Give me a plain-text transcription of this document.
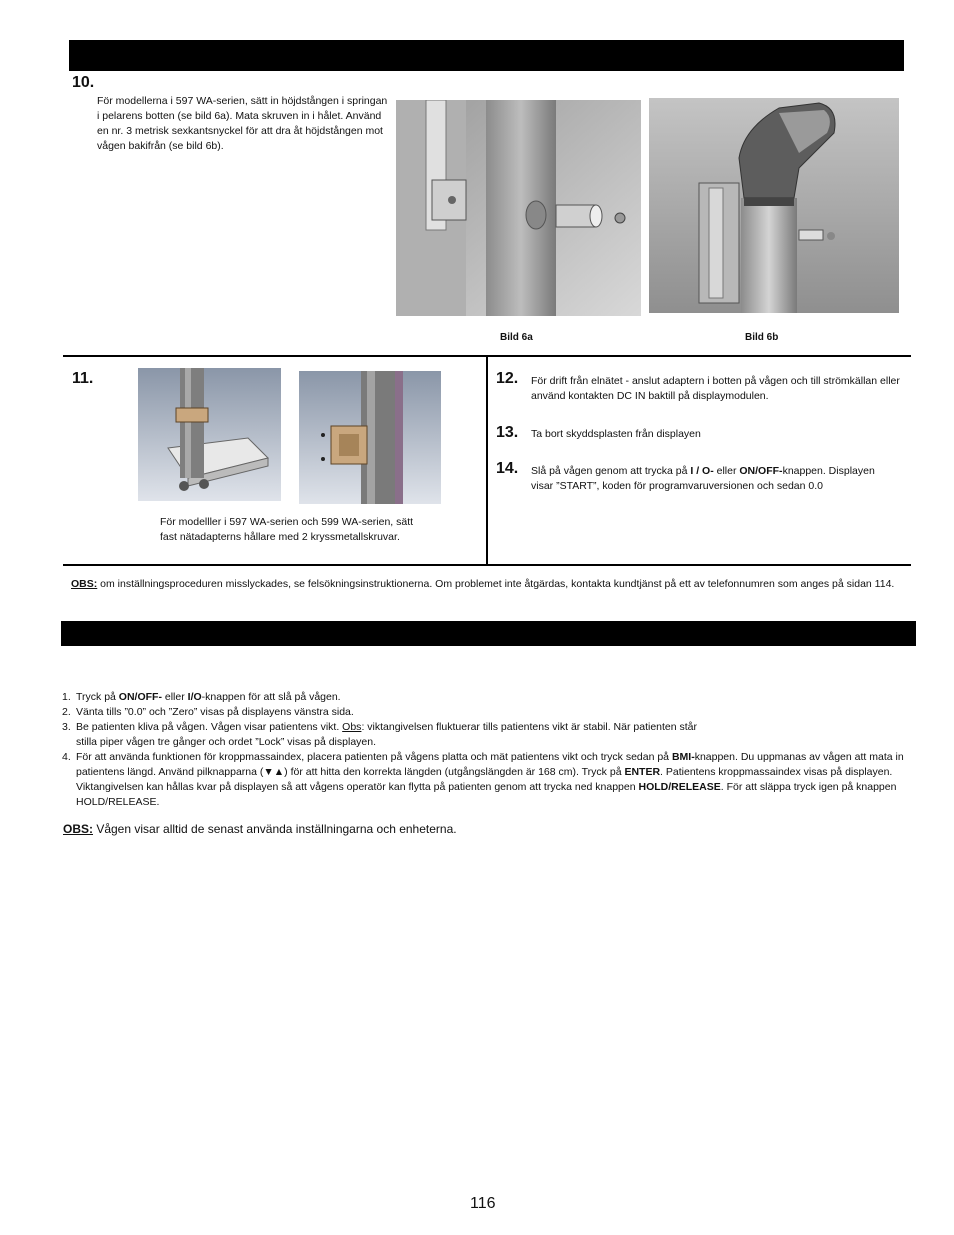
10.
För modellerna i 597 WA-serien, sätt in höjdstången i springan i pelarens botten (se bild 6a). Mata skruven in i hålet. Använd en nr. 3 metrisk sexkantsnyckel för att dra åt höjdstången mot vågen bakifrån (se bild 6b).
Bild 6a	Bild 6b
11.
För modelller i 597 WA-serien och 599 WA-serien, sätt fast nätadapterns hållare med 2 kryssmetallskruvar.
12. För drift från elnätet - anslut adaptern i botten på vågen och till strömkällan eller använd kontakten DC IN baktill på displaymodulen.
13. Ta bort skyddsplasten från displayen
14. Slå på vågen genom att trycka på I / O- eller ON/OFF-knappen. Displayen visar ”START”, koden för programvaruversionen och sedan 0.0
OBS: om inställningsproceduren misslyckades, se felsökningsinstruktionerna. Om problemet inte åtgärdas, kontakta kundtjänst på ett av telefonnumren som anges på sidan 114.
1. Tryck på ON/OFF- eller I/O-knappen för att slå på vågen.
2. Vänta tills ”0.0” och ”Zero” visas på displayens vänstra sida.
3. Be patienten kliva på vågen. Vågen visar patientens vikt. Obs: viktangivelsen fluktuerar tills patientens vikt är stabil. När patienten står stilla piper vågen tre gånger och ordet ”Lock” visas på displayen.
4. För att använda funktionen för kroppmassaindex, placera patienten på vågens platta och mät patientens vikt och tryck sedan på BMI-knappen. Du uppmanas av vågen att mata in patientens längd. Använd pilknapparna (▼▲) för att hitta den korrekta längden (utgångslängden är 168 cm). Tryck på ENTER. Patientens kroppmassaindex visas på displayen. Viktangivelsen kan hållas kvar på displayen så att vågens operatör kan flytta på patienten genom att trycka ned knappen HOLD/RELEASE. För att släppa tryck igen på knappen HOLD/RELEASE.
OBS: Vågen visar alltid de senast använda inställningarna och enheterna.
116
